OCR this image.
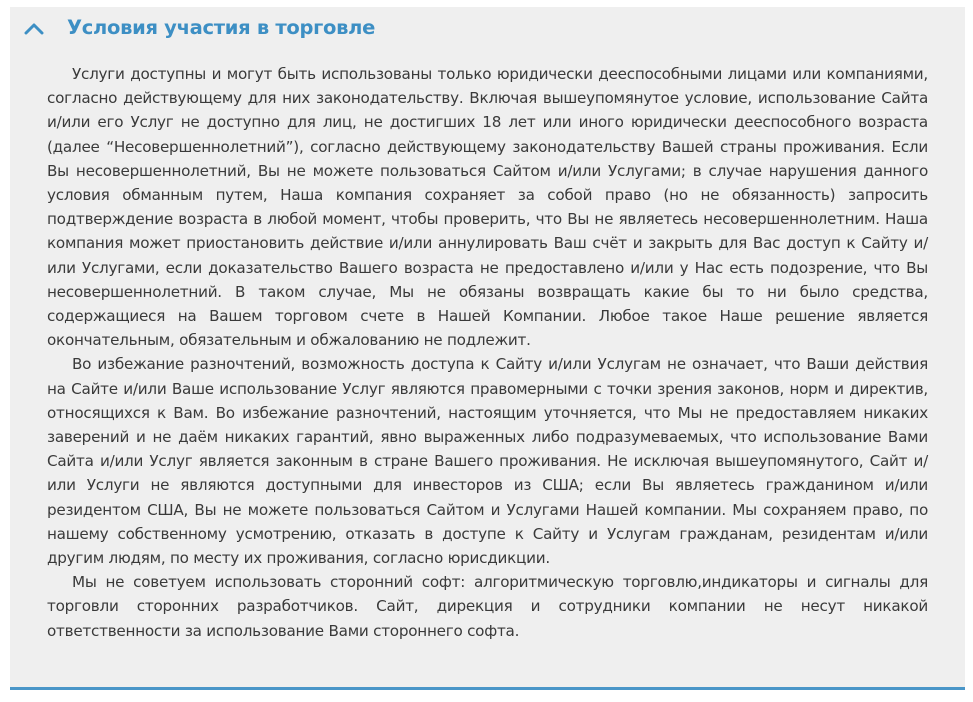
Условия участия в торговле

Услуги доступны и могут быть использованы только юридически дееспособными лицами или компаниями, согласно действующему для них законодательству. Включая вышеупомянутое условие, использование Сайта и/или его Услуг не доступно для лиц, не достигших 18 лет или иного юридически дееспособного возраста (далее “Несовершеннолетний”), согласно действующему законодательству Вашей страны проживания. Если Вы несовершеннолетний, Вы не можете пользоваться Сайтом и/или Услугами; в случае нарушения данного условия обманным путем, Наша компания сохраняет за собой право (но не обязанность) запросить подтверждение возраста в любой момент, чтобы проверить, что Вы не являетесь несовершеннолетним. Наша компания может приостановить действие и/или аннулировать Ваш счёт и закрыть для Вас доступ к Сайту и/или Услугами, если доказательство Вашего возраста не предоставлено и/или у Нас есть подозрение, что Вы несовершеннолетний. В таком случае, Мы не обязаны возвращать какие бы то ни было средства, содержащиеся на Вашем торговом счете в Нашей Компании. Любое такое Наше решение является окончательным, обязательным и обжалованию не подлежит.

Во избежание разночтений, возможность доступа к Сайту и/или Услугам не означает, что Ваши действия на Сайте и/или Ваше использование Услуг являются правомерными с точки зрения законов, норм и директив, относящихся к Вам. Во избежание разночтений, настоящим уточняется, что Мы не предоставляем никаких заверений и не даём никаких гарантий, явно выраженных либо подразумеваемых, что использование Вами Сайта и/или Услуг является законным в стране Вашего проживания. Не исключая вышеупомянутого, Сайт и/или Услуги не являются доступными для инвесторов из США; если Вы являетесь гражданином и/или резидентом США, Вы не можете пользоваться Сайтом и Услугами Нашей компании. Мы сохраняем право, по нашему собственному усмотрению, отказать в доступе к Сайту и Услугам гражданам, резидентам и/или другим людям, по месту их проживания, согласно юрисдикции.

Мы не советуем использовать сторонний софт: алгоритмическую торговлю,индикаторы и сигналы для торговли сторонних разработчиков. Сайт, дирекция и сотрудники компании не несут никакой ответственности за использование Вами стороннего софта.
